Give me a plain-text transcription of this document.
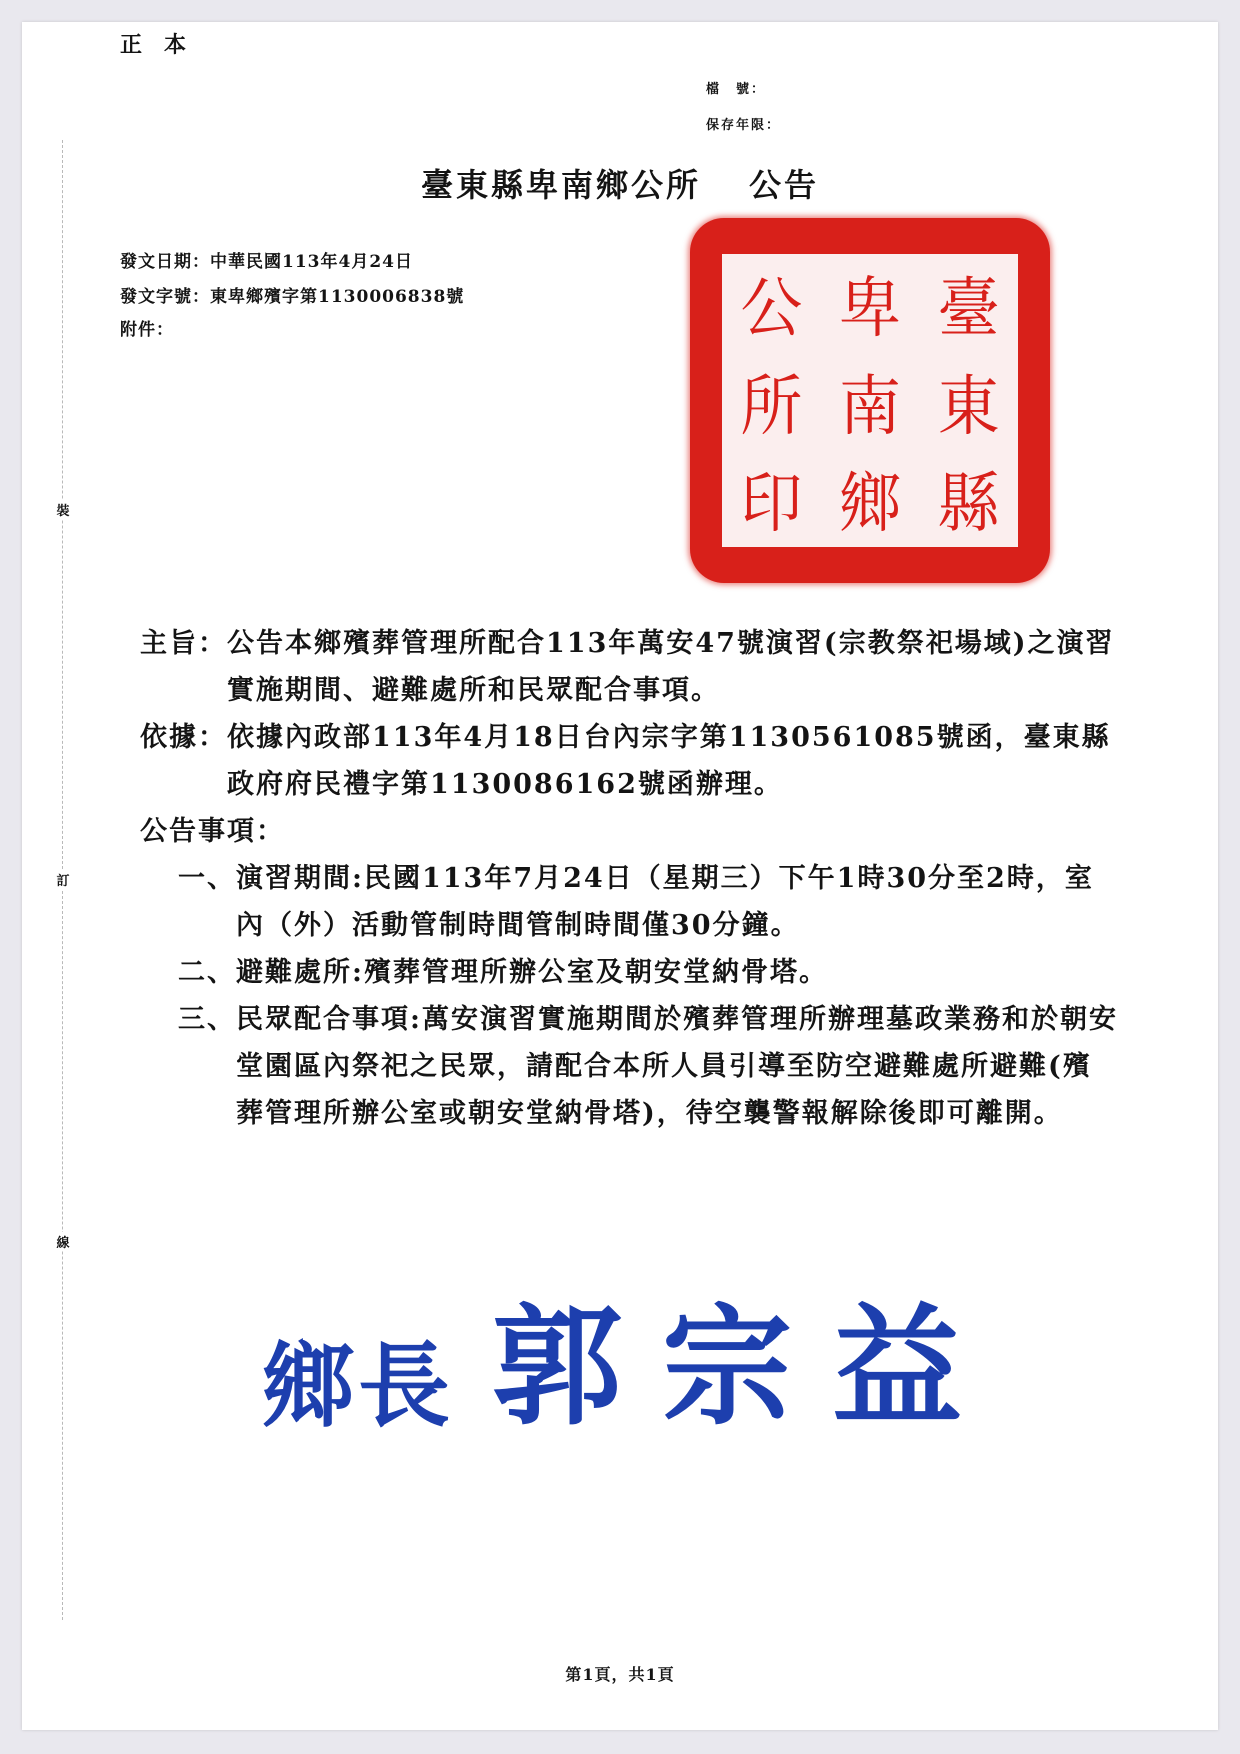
裝
訂
線
正本
檔　號：
保存年限：
臺東縣卑南鄉公所 公告
發文日期：中華民國113年4月24日
發文字號：東卑鄉殯字第1130006838號
附件：	臺
東
縣
卑
南
鄉
公
所
印
主旨： 公告本鄉殯葬管理所配合113年萬安47號演習(宗教祭祀場域)之演習實施期間、避難處所和民眾配合事項。
依據： 依據內政部113年4月18日台內宗字第1130561085號函，臺東縣政府府民禮字第1130086162號函辦理。
公告事項：
一、 演習期間:民國113年7月24日（星期三）下午1時30分至2時，室內（外）活動管制時間管制時間僅30分鐘。
二、 避難處所:殯葬管理所辦公室及朝安堂納骨塔。
三、 民眾配合事項:萬安演習實施期間於殯葬管理所辦理墓政業務和於朝安堂園區內祭祀之民眾，請配合本所人員引導至防空避難處所避難(殯葬管理所辦公室或朝安堂納骨塔)，待空襲警報解除後即可離開。
鄉長 郭宗益
第1頁，共1頁
